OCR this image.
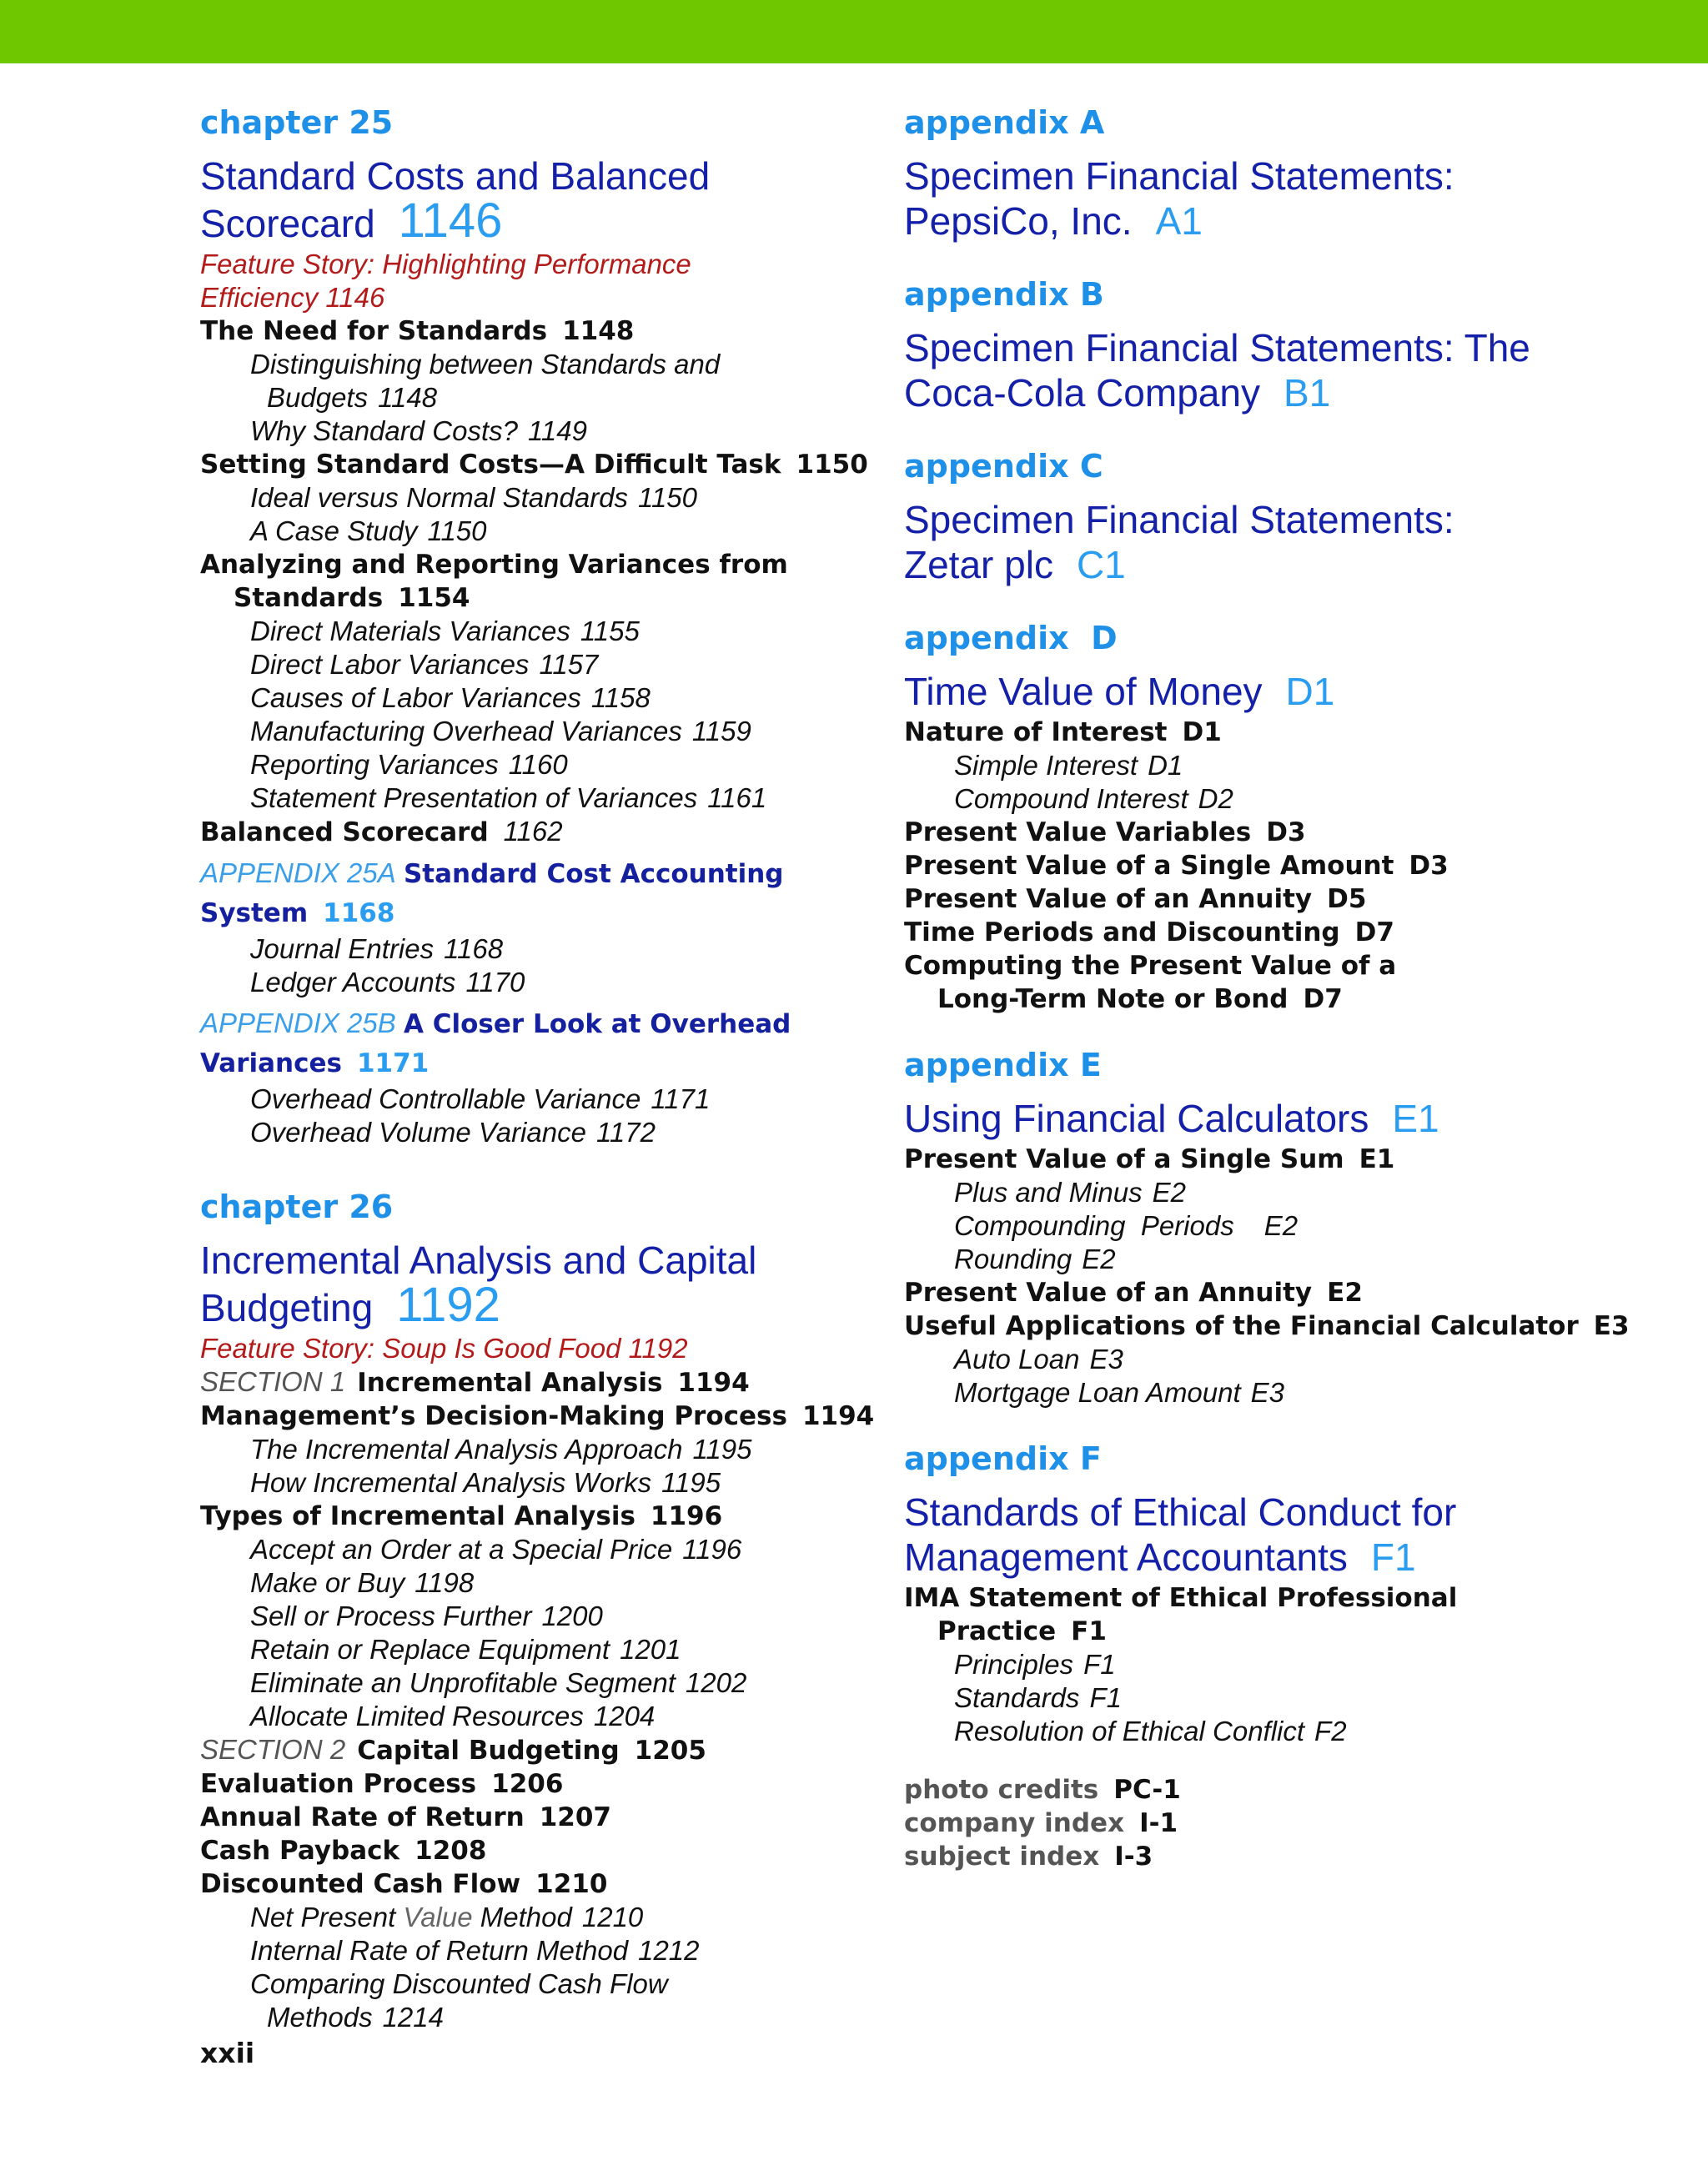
chapter 25
Standard Costs and Balanced
Scorecard 1146
Feature Story: Highlighting Performance
Efficiency 1146
The Need for Standards 1148
Distinguishing between Standards and
Budgets 1148
Why Standard Costs? 1149
Setting Standard Costs—A Difficult Task 1150
Ideal versus Normal Standards 1150
A Case Study 1150
Analyzing and Reporting Variances from
Standards 1154
Direct Materials Variances 1155
Direct Labor Variances 1157
Causes of Labor Variances 1158
Manufacturing Overhead Variances 1159
Reporting Variances 1160
Statement Presentation of Variances 1161
Balanced Scorecard 1162
APPENDIX 25A Standard Cost Accounting
System 1168
Journal Entries 1168
Ledger Accounts 1170
APPENDIX 25B A Closer Look at Overhead
Variances 1171
Overhead Controllable Variance 1171
Overhead Volume Variance 1172
chapter 26
Incremental Analysis and Capital
Budgeting 1192
Feature Story: Soup Is Good Food 1192
SECTION 1 Incremental Analysis 1194
Management’s Decision-Making Process 1194
The Incremental Analysis Approach 1195
How Incremental Analysis Works 1195
Types of Incremental Analysis 1196
Accept an Order at a Special Price 1196
Make or Buy 1198
Sell or Process Further 1200
Retain or Replace Equipment 1201
Eliminate an Unprofitable Segment 1202
Allocate Limited Resources 1204
SECTION 2 Capital Budgeting 1205
Evaluation Process 1206
Annual Rate of Return 1207
Cash Payback 1208
Discounted Cash Flow 1210
Net Present Value Method 1210
Internal Rate of Return Method 1212
Comparing Discounted Cash Flow
Methods 1214
xxii
appendix A
Specimen Financial Statements:
PepsiCo, Inc. A1
appendix B
Specimen Financial Statements: The
Coca-Cola Company B1
appendix C
Specimen Financial Statements:
Zetar plc C1
appendix  D
Time Value of Money D1
Nature of Interest D1
Simple Interest D1
Compound Interest D2
Present Value Variables D3
Present Value of a Single Amount D3
Present Value of an Annuity D5
Time Periods and Discounting D7
Computing the Present Value of a
Long-Term Note or Bond D7
appendix E
Using Financial Calculators E1
Present Value of a Single Sum E1
Plus and Minus E2
Compounding  Periods E2
Rounding E2
Present Value of an Annuity E2
Useful Applications of the Financial Calculator E3
Auto Loan E3
Mortgage Loan Amount E3
appendix F
Standards of Ethical Conduct for
Management Accountants F1
IMA Statement of Ethical Professional
Practice F1
Principles F1
Standards F1
Resolution of Ethical Conflict F2
photo credits PC-1
company index I-1
subject index I-3
